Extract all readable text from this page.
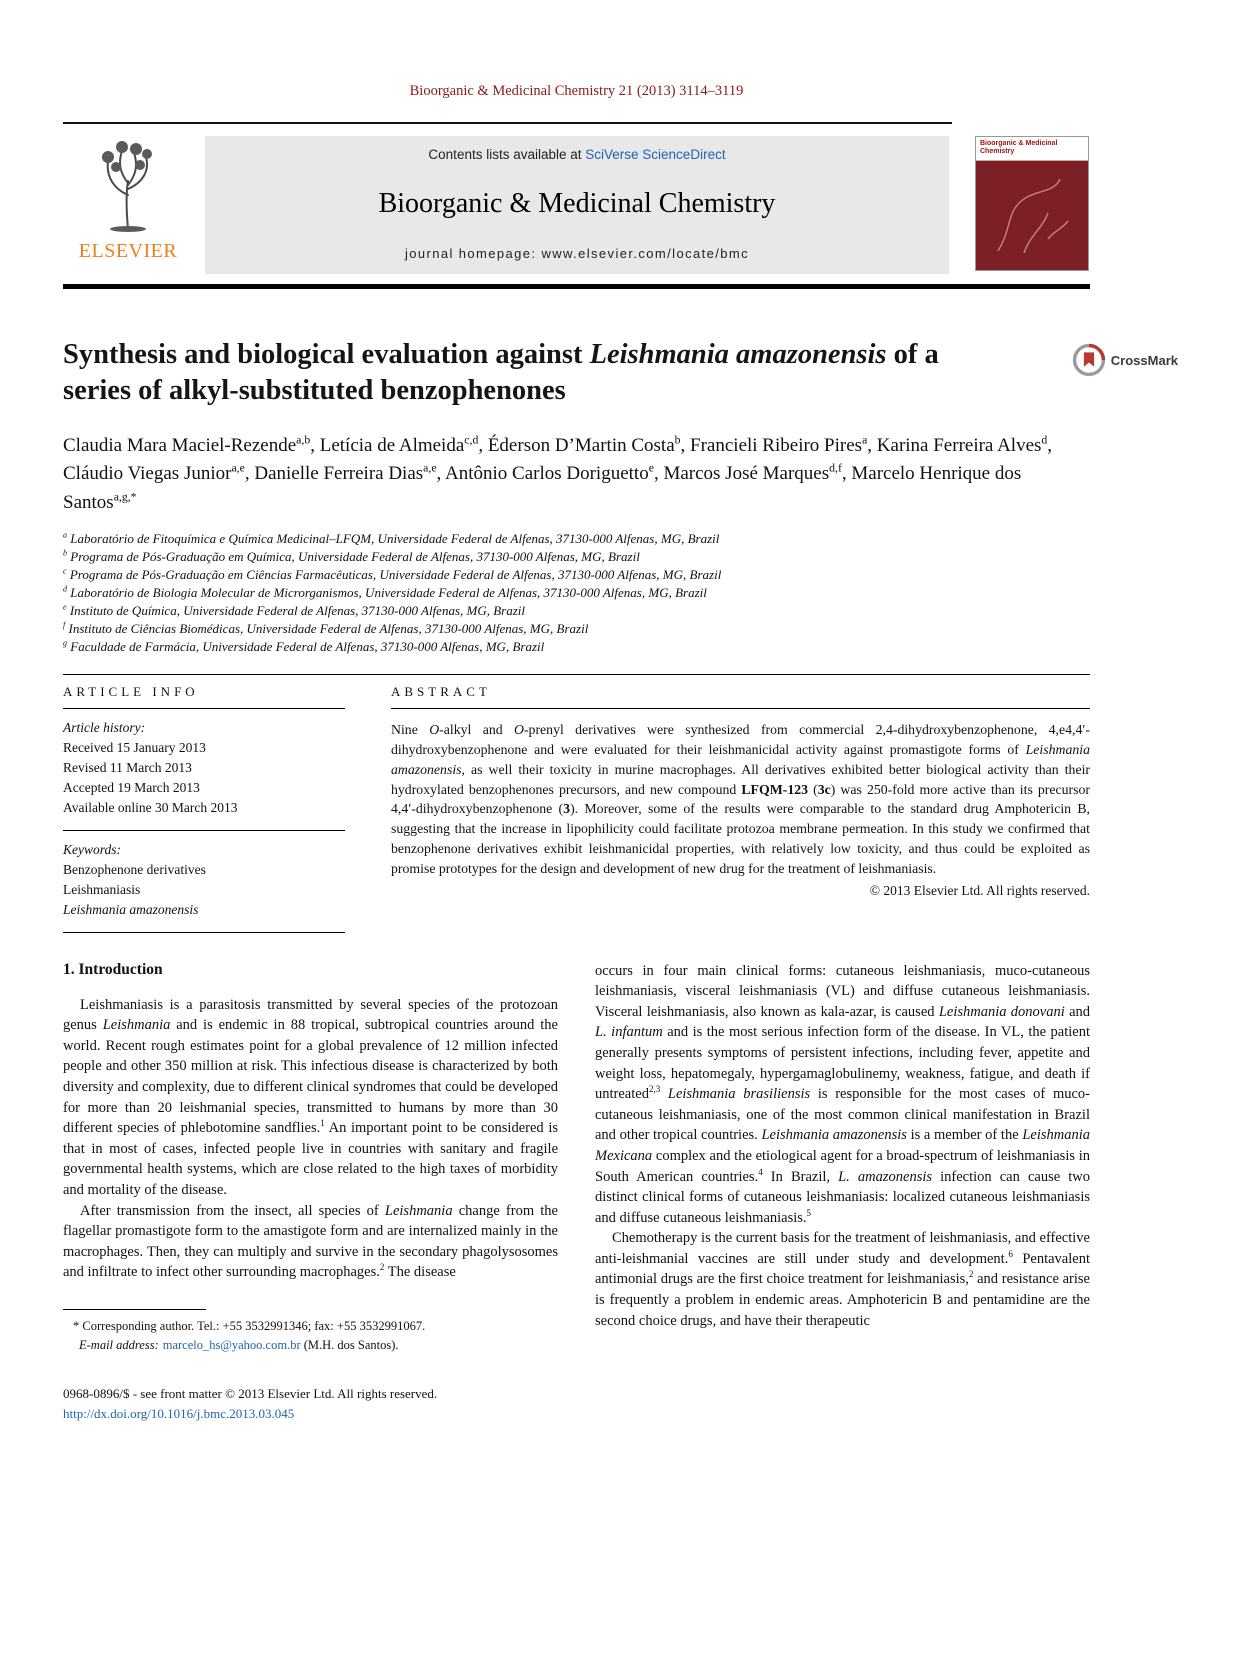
Bioorganic & Medicinal Chemistry 21 (2013) 3114–3119
ELSEVIER
Contents lists available at SciVerse ScienceDirect
Bioorganic & Medicinal Chemistry
journal homepage: www.elsevier.com/locate/bmc
Bioorganic & Medicinal Chemistry
Synthesis and biological evaluation against Leishmania amazonensis of a series of alkyl-substituted benzophenones
CrossMark
Claudia Mara Maciel-Rezende$^{a,b}$, Letícia de Almeida$^{c,d}$, Éderson D’Martin Costa$^b$, Francieli Ribeiro Pires$^a$, Karina Ferreira Alves$^d$, Cláudio Viegas Junior$^{a,e}$, Danielle Ferreira Dias$^{a,e}$, Antônio Carlos Doriguetto$^e$, Marcos José Marques$^{d,f}$, Marcelo Henrique dos Santos$^{a,g,*}$
$^a$ Laboratório de Fitoquímica e Química Medicinal–LFQM, Universidade Federal de Alfenas, 37130-000 Alfenas, MG, Brazil
$^b$ Programa de Pós-Graduação em Química, Universidade Federal de Alfenas, 37130-000 Alfenas, MG, Brazil
$^c$ Programa de Pós-Graduação em Ciências Farmacêuticas, Universidade Federal de Alfenas, 37130-000 Alfenas, MG, Brazil
$^d$ Laboratório de Biologia Molecular de Microrganismos, Universidade Federal de Alfenas, 37130-000 Alfenas, MG, Brazil
$^e$ Instituto de Química, Universidade Federal de Alfenas, 37130-000 Alfenas, MG, Brazil
$^f$ Instituto de Ciências Biomédicas, Universidade Federal de Alfenas, 37130-000 Alfenas, MG, Brazil
$^g$ Faculdade de Farmácia, Universidade Federal de Alfenas, 37130-000 Alfenas, MG, Brazil
ARTICLE INFO
Article history:
Received 15 January 2013
Revised 11 March 2013
Accepted 19 March 2013
Available online 30 March 2013
Keywords:
Benzophenone derivatives
Leishmaniasis
Leishmania amazonensis
ABSTRACT

Nine O-alkyl and O-prenyl derivatives were synthesized from commercial 2,4-dihydroxybenzophenone, 4,e4,4′-dihydroxybenzophenone and were evaluated for their leishmanicidal activity against promastigote forms of Leishmania amazonensis, as well their toxicity in murine macrophages. All derivatives exhibited better biological activity than their hydroxylated benzophenones precursors, and new compound LFQM-123 (3c) was 250-fold more active than its precursor 4,4′-dihydroxybenzophenone (3). Moreover, some of the results were comparable to the standard drug Amphotericin B, suggesting that the increase in lipophilicity could facilitate protozoa membrane permeation. In this study we confirmed that benzophenone derivatives exhibit leishmanicidal properties, with relatively low toxicity, and thus could be exploited as promise prototypes for the design and development of new drug for the treatment of leishmaniasis.

© 2013 Elsevier Ltd. All rights reserved.
1. Introduction

Leishmaniasis is a parasitosis transmitted by several species of the protozoan genus Leishmania and is endemic in 88 tropical, subtropical countries around the world. Recent rough estimates point for a global prevalence of 12 million infected people and other 350 million at risk. This infectious disease is characterized by both diversity and complexity, due to different clinical syndromes that could be developed for more than 20 leishmanial species, transmitted to humans by more than 30 different species of phlebotomine sandflies.$^1$ An important point to be considered is that in most of cases, infected people live in countries with sanitary and fragile governmental health systems, which are close related to the high taxes of morbidity and mortality of the disease.

After transmission from the insect, all species of Leishmania change from the flagellar promastigote form to the amastigote form and are internalized mainly in the macrophages. Then, they can multiply and survive in the secondary phagolysosomes and infiltrate to infect other surrounding macrophages.$^2$ The disease

* Corresponding author. Tel.: +55 3532991346; fax: +55 3532991067.

E-mail address: marcelo_hs@yahoo.com.br (M.H. dos Santos).

occurs in four main clinical forms: cutaneous leishmaniasis, muco-cutaneous leishmaniasis, visceral leishmaniasis (VL) and diffuse cutaneous leishmaniasis. Visceral leishmaniasis, also known as kala-azar, is caused Leishmania donovani and L. infantum and is the most serious infection form of the disease. In VL, the patient generally presents symptoms of persistent infections, including fever, appetite and weight loss, hepatomegaly, hypergamaglobulinemy, weakness, fatigue, and death if untreated$^{2,3}$ Leishmania brasiliensis is responsible for the most cases of muco-cutaneous leishmaniasis, one of the most common clinical manifestation in Brazil and other tropical countries. Leishmania amazonensis is a member of the Leishmania Mexicana complex and the etiological agent for a broad-spectrum of leishmaniasis in South American countries.$^4$ In Brazil, L. amazonensis infection can cause two distinct clinical forms of cutaneous leishmaniasis: localized cutaneous leishmaniasis and diffuse cutaneous leishmaniasis.$^5$

Chemotherapy is the current basis for the treatment of leishmaniasis, and effective anti-leishmanial vaccines are still under study and development.$^6$ Pentavalent antimonial drugs are the first choice treatment for leishmaniasis,$^2$ and resistance arise is frequently a problem in endemic areas. Amphotericin B and pentamidine are the second choice drugs, and have their therapeutic

0968-0896/$ - see front matter © 2013 Elsevier Ltd. All rights reserved.
http://dx.doi.org/10.1016/j.bmc.2013.03.045
